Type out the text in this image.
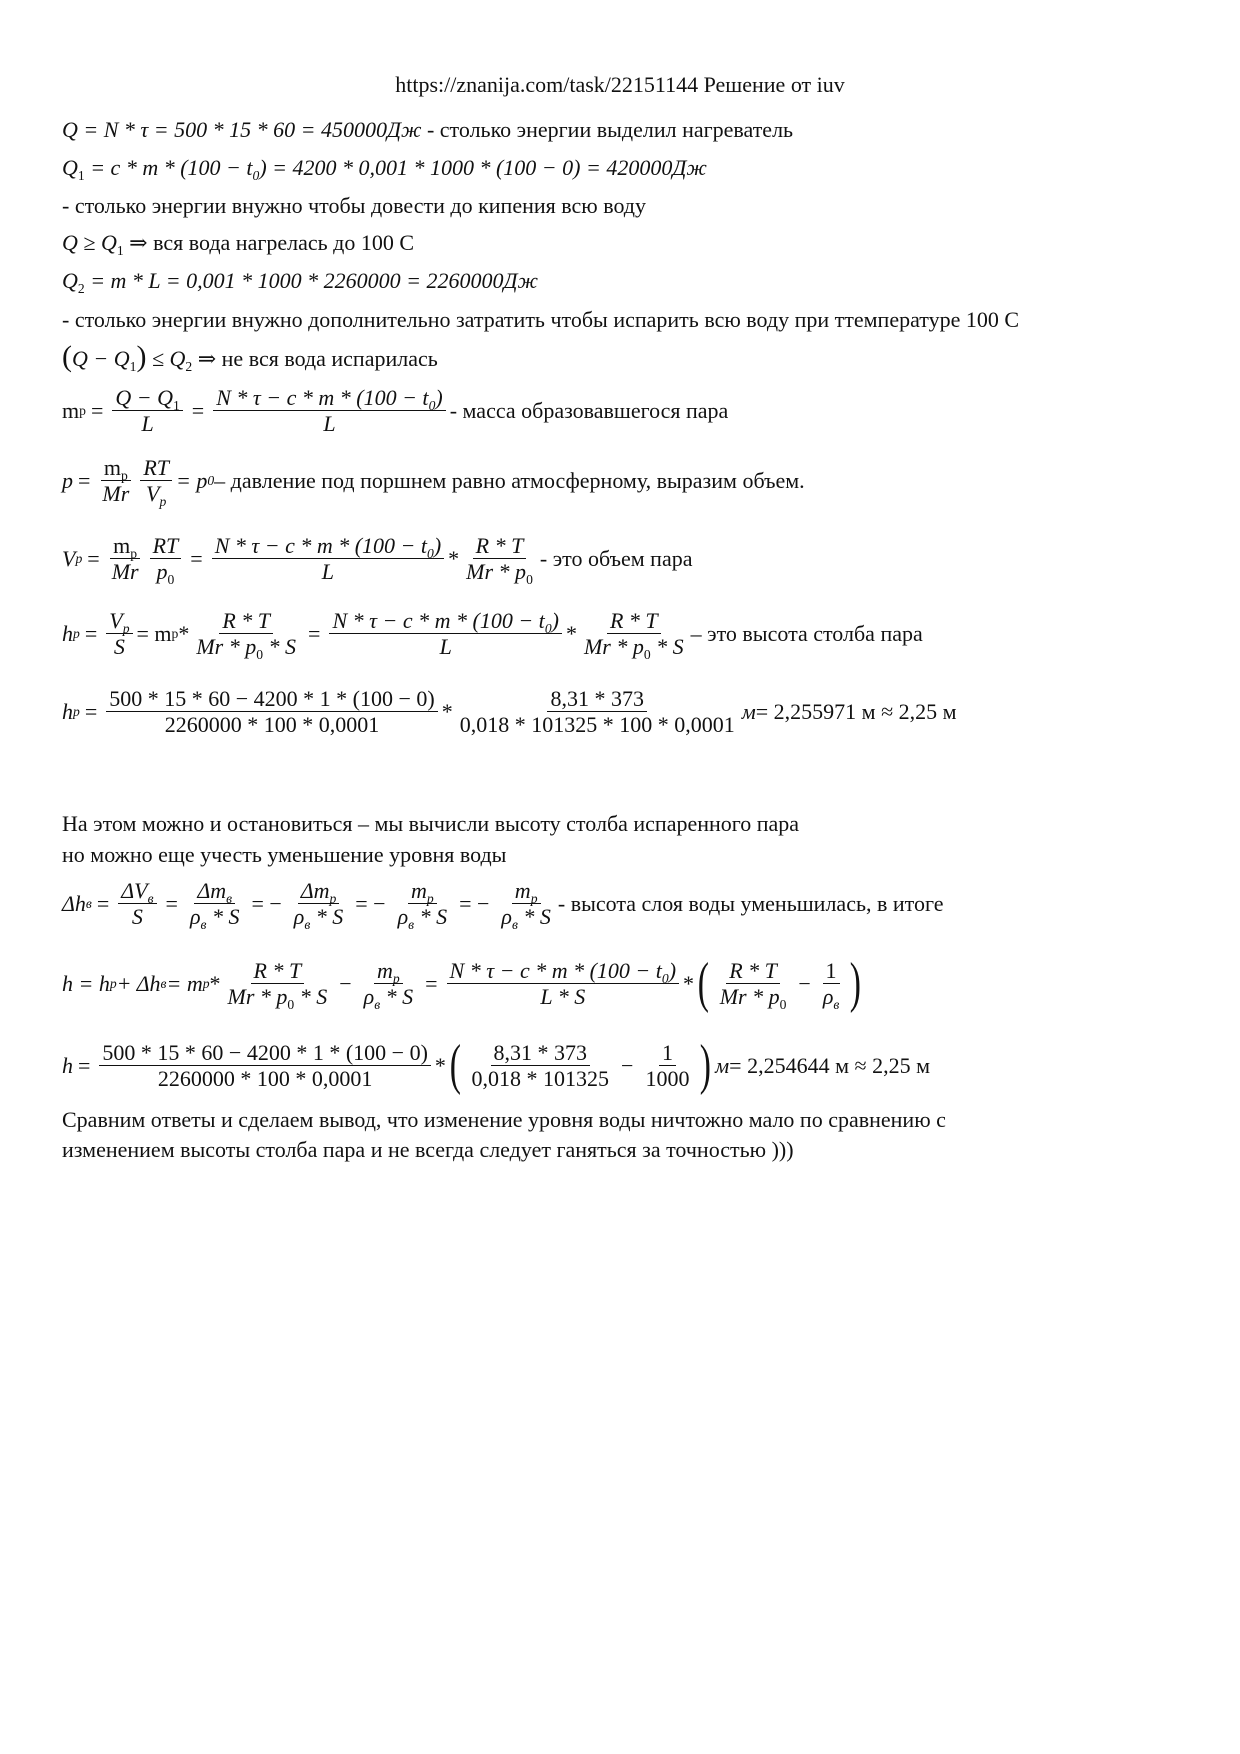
https://znanija.com/task/22151144 Решение от iuv
Q = N * τ = 500 * 15 * 60 = 450000Дж - столько энергии выделил нагреватель
$Q_1 = c * m * (100 - t_0) = 4200 * 0,001 * 1000 * (100 - 0) = 420000Дж$
- столько энергии внужно чтобы довести до кипения всю воду
$Q \ge Q_1$ ⇒ вся вода нагрелась до 100 С
$Q_2 = m * L = 0,001 * 1000 * 2260000 = 2260000Дж$
- столько энергии внужно дополнительно затратить чтобы испарить всю воду при ттемпературе 100 С
$(Q - Q_1) \le Q_2$ ⇒ не вся вода испарилась
m $р = \frac{Q - Q_1}{L} = \frac{N * \tau - c * m * (100 - t_0)}{L}$ - масса образовавшегося пара
$p = \frac{m_р}{Mr} \frac{RT}{V_p} = p$ 0 – давление под поршнем равно атмосферному, выразим объем.
V $p = \frac{m_р}{Mr} \frac{RT}{p_0} = \frac{N * \tau - c * m * (100 - t_0)}{L} * \frac{R * T}{Mr * p_0}$ - это объем пара
h $p = \frac{V_p}{S} = m$ $р * \frac{R * T}{Mr * p_0 * S} = \frac{N * \tau - c * m * (100 - t_0)}{L} * \frac{R * T}{Mr * p_0 * S}$ – это высота столба пара
h $p = \frac{500 * 15 * 60 - 4200 * 1 * (100 - 0)}{2260000 * 100 * 0,0001} * \frac{8,31 * 373}{0,018 * 101325 * 100 * 0,0001}$ м = 2,255971 м ≈ 2,25 м
На этом можно и остановиться – мы вычисли высоту столба испаренного пара
но можно еще учесть уменьшение уровня воды
Δh $в = \frac{\Delta V_в}{S} = \frac{\Delta m_в}{\rho_в * S}$ = − $\frac{\Delta m_p}{\rho_в * S}$ = − $\frac{m_p}{\rho_в * S}$ = − $\frac{m_p}{\rho_в * S}$ - высота слоя воды уменьшилась, в итоге
h = h p + Δh в = m $p * \frac{R * T}{Mr * p_0 * S} - \frac{m_p}{\rho_в * S} = \frac{N * \tau - c * m * (100 - t_0)}{L * S}$ * ( $\frac{R * T}{Mr * p_0} - \frac{1}{\rho_в}$ )
$h = \frac{500 * 15 * 60 - 4200 * 1 * (100 - 0)}{2260000 * 100 * 0,0001}$ * ( $\frac{8,31 * 373}{0,018 * 101325} - \frac{1}{1000}$ ) м = 2,254644 м ≈ 2,25 м
Сравним ответы и сделаем вывод, что изменение уровня воды ничтожно мало по сравнению с
изменением высоты столба пара и не всегда следует ганяться за точностью )))
